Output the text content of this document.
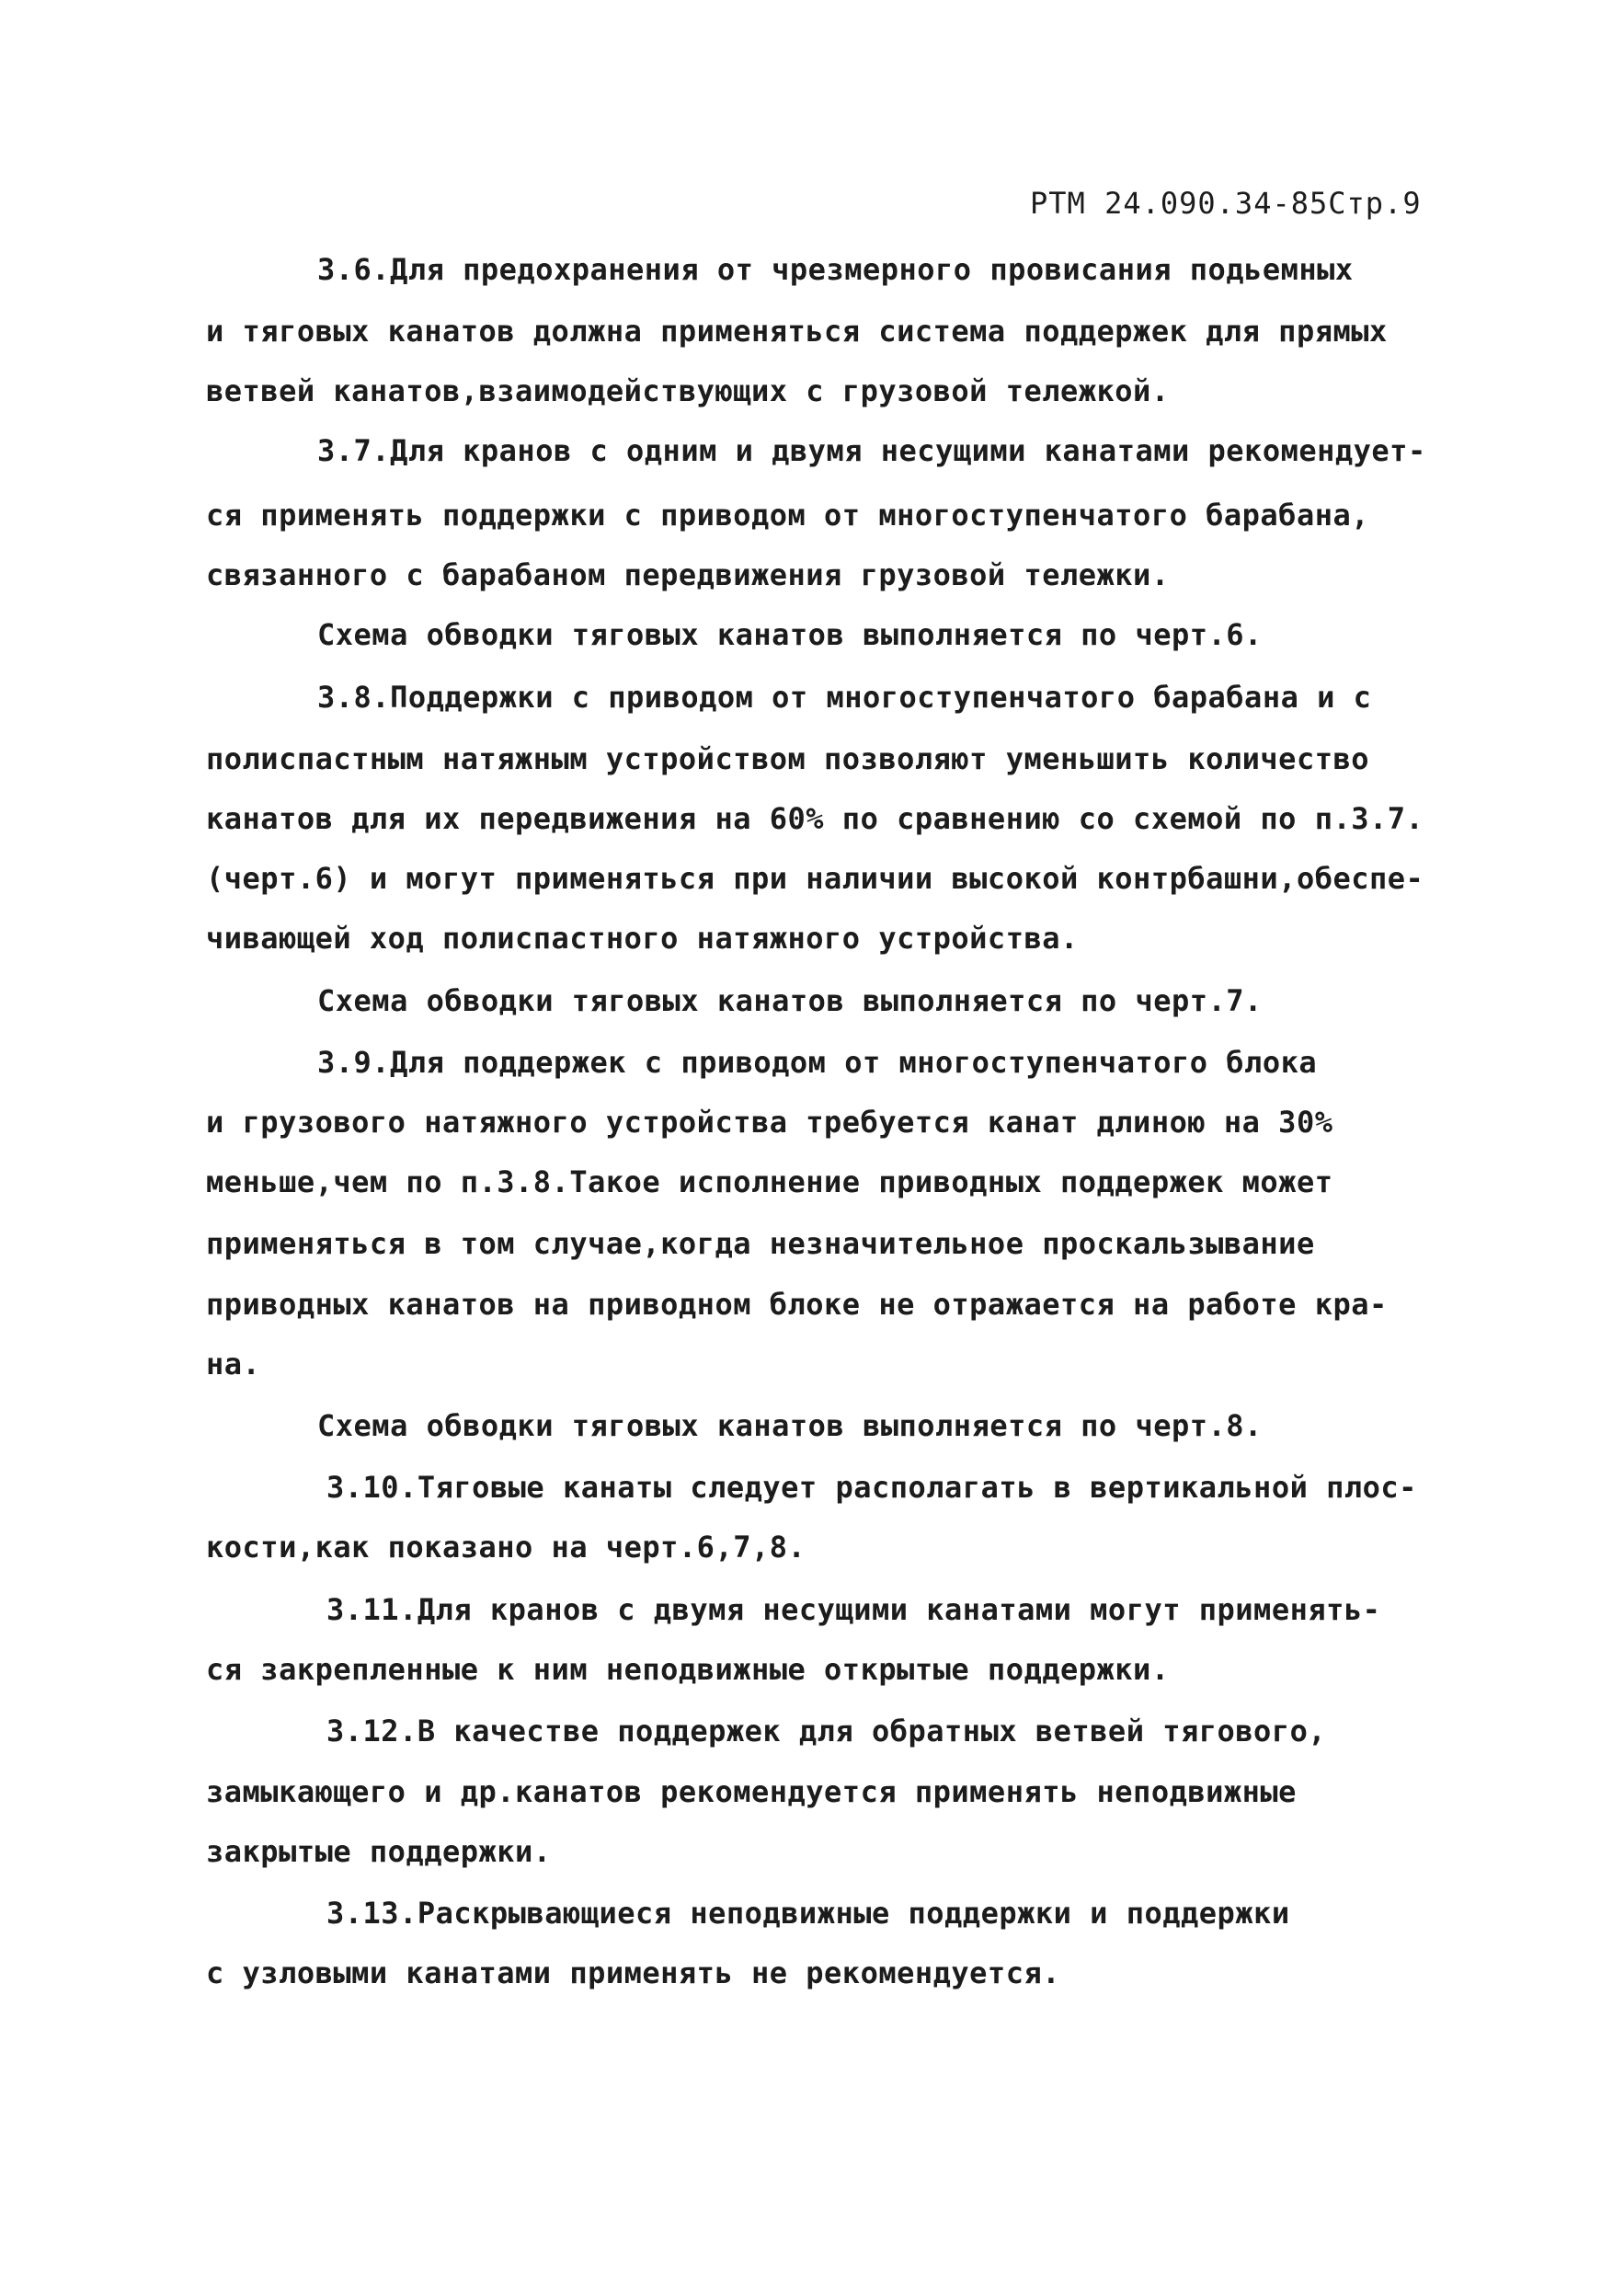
РТМ 24.090.34-85Стр.9
3.6.Для предохранения от чрезмерного провисания подьемных
и тяговых канатов должна применяться система поддержек для прямых
ветвей канатов,взаимодействующих с грузовой тележкой.
3.7.Для кранов с одним и двумя несущими канатами рекомендует-
ся применять поддержки с приводом от многоступенчатого барабана,
связанного с барабаном передвижения грузовой тележки.
Схема обводки тяговых канатов выполняется по черт.6.
3.8.Поддержки с приводом от многоступенчатого барабана и с
полиспастным натяжным устройством позволяют уменьшить количество
канатов для их передвижения на 60% по сравнению со схемой по п.3.7.
(черт.6) и могут применяться при наличии высокой контрбашни,обеспе-
чивающей ход полиспастного натяжного устройства.
Схема обводки тяговых канатов выполняется по черт.7.
3.9.Для поддержек с приводом от многоступенчатого блока
и грузового натяжного устройства требуется канат длиною на 30%
меньше,чем по п.3.8.Такое исполнение приводных поддержек может
применяться в том случае,когда незначительное проскальзывание
приводных канатов на приводном блоке не отражается на работе кра-
на.
Схема обводки тяговых канатов выполняется по черт.8.
3.10.Тяговые канаты следует располагать в вертикальной плос-
кости,как показано на черт.6,7,8.
3.11.Для кранов с двумя несущими канатами могут применять-
ся закрепленные к ним неподвижные открытые поддержки.
3.12.В качестве поддержек для обратных ветвей тягового,
замыкающего и др.канатов рекомендуется применять неподвижные
закрытые поддержки.
3.13.Раскрывающиеся неподвижные поддержки и поддержки
с узловыми канатами применять не рекомендуется.
